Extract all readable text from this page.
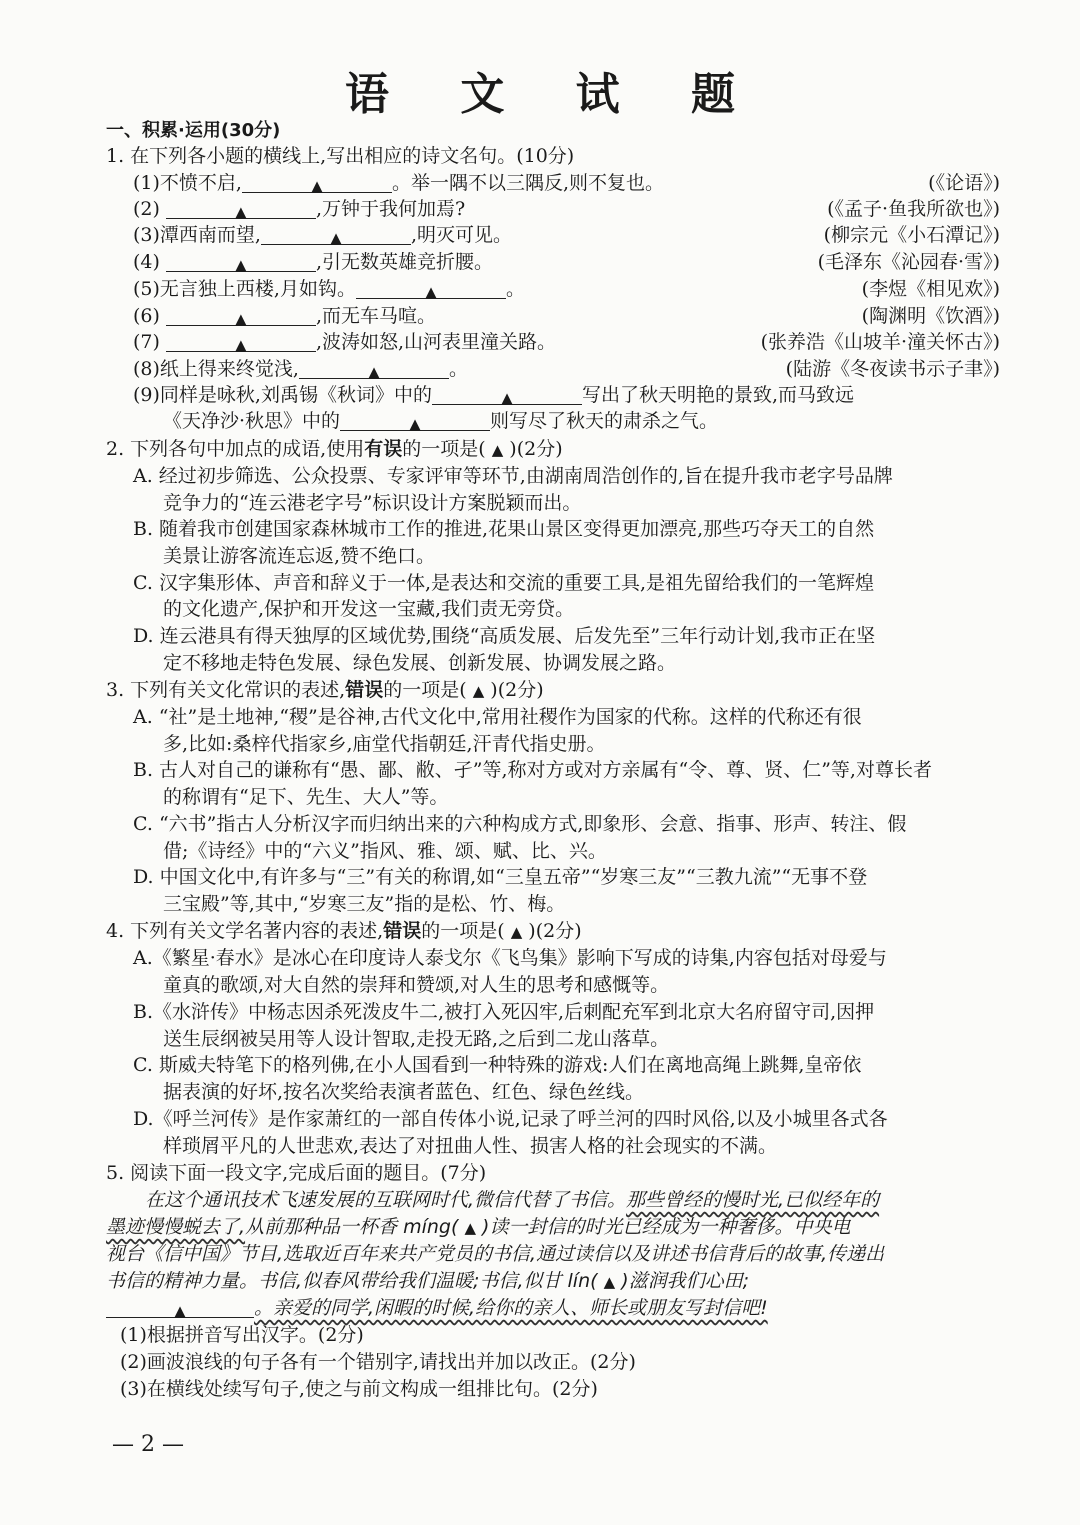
语 文 试 题
一、积累·运用(30分)
1. 在下列各小题的横线上,写出相应的诗文名句。(10分)
(1)不愤不启,	▲	。举一隅不以三隅反,则不复也。	(《论语》)
(2)	▲	,万钟于我何加焉?	(《孟子·鱼我所欲也》)
(3)潭西南而望,	▲	,明灭可见。	(柳宗元《小石潭记》)
(4)	▲	,引无数英雄竞折腰。	(毛泽东《沁园春·雪》)
(5)无言独上西楼,月如钩。	▲	。	(李煜《相见欢》)
(6)	▲	,而无车马喧。	(陶渊明《饮酒》)
(7)	▲	,波涛如怒,山河表里潼关路。	(张养浩《山坡羊·潼关怀古》)
(8)纸上得来终觉浅,	▲	。	(陆游《冬夜读书示子聿》)
(9)同样是咏秋,刘禹锡《秋词》中的	▲	写出了秋天明艳的景致,而马致远
《天净沙·秋思》中的	▲	则写尽了秋天的肃杀之气。
2. 下列各句中加点的成语,使用有误的一项是( ▲ )(2分)
A. 经过初步筛选、公众投票、专家评审等环节,由湖南周浩创作的,旨在提升我市老字号品牌
竞争力的“连云港老字号”标识设计方案脱颖而出。
B. 随着我市创建国家森林城市工作的推进,花果山景区变得更加漂亮,那些巧夺天工的自然
美景让游客流连忘返,赞不绝口。
C. 汉字集形体、声音和辞义于一体,是表达和交流的重要工具,是祖先留给我们的一笔辉煌
的文化遗产,保护和开发这一宝藏,我们责无旁贷。
D. 连云港具有得天独厚的区域优势,围绕“高质发展、后发先至”三年行动计划,我市正在坚
定不移地走特色发展、绿色发展、创新发展、协调发展之路。
3. 下列有关文化常识的表述,错误的一项是( ▲ )(2分)
A. “社”是土地神,“稷”是谷神,古代文化中,常用社稷作为国家的代称。这样的代称还有很
多,比如:桑梓代指家乡,庙堂代指朝廷,汗青代指史册。
B. 古人对自己的谦称有“愚、鄙、敝、孑”等,称对方或对方亲属有“令、尊、贤、仁”等,对尊长者
的称谓有“足下、先生、大人”等。
C. “六书”指古人分析汉字而归纳出来的六种构成方式,即象形、会意、指事、形声、转注、假
借;《诗经》中的“六义”指风、雅、颂、赋、比、兴。
D. 中国文化中,有许多与“三”有关的称谓,如“三皇五帝”“岁寒三友”“三教九流”“无事不登
三宝殿”等,其中,“岁寒三友”指的是松、竹、梅。
4. 下列有关文学名著内容的表述,错误的一项是( ▲ )(2分)
A.《繁星·春水》是冰心在印度诗人泰戈尔《飞鸟集》影响下写成的诗集,内容包括对母爱与
童真的歌颂,对大自然的崇拜和赞颂,对人生的思考和感慨等。
B.《水浒传》中杨志因杀死泼皮牛二,被打入死囚牢,后刺配充军到北京大名府留守司,因押
送生辰纲被吴用等人设计智取,走投无路,之后到二龙山落草。
C. 斯威夫特笔下的格列佛,在小人国看到一种特殊的游戏:人们在离地高绳上跳舞,皇帝依
据表演的好坏,按名次奖给表演者蓝色、红色、绿色丝线。
D.《呼兰河传》是作家萧红的一部自传体小说,记录了呼兰河的四时风俗,以及小城里各式各
样琐屑平凡的人世悲欢,表达了对扭曲人性、损害人格的社会现实的不满。
5. 阅读下面一段文字,完成后面的题目。(7分)
在这个通讯技术飞速发展的互联网时代,微信代替了书信。那些曾经的慢时光,已似经年的
墨迹慢慢蜕去了,从前那种品一杯香 míng( ▲ )读一封信的时光已经成为一种奢侈。中央电
视台《信中国》节目,选取近百年来共产党员的书信,通过读信以及讲述书信背后的故事,传递出
书信的精神力量。书信,似春风带给我们温暖;书信,似甘 lín( ▲ )滋润我们心田;
▲	。亲爱的同学,闲暇的时候,给你的亲人、师长或朋友写封信吧!
(1)根据拼音写出汉字。(2分)
(2)画波浪线的句子各有一个错别字,请找出并加以改正。(2分)
(3)在横线处续写句子,使之与前文构成一组排比句。(2分)
— 2 —
